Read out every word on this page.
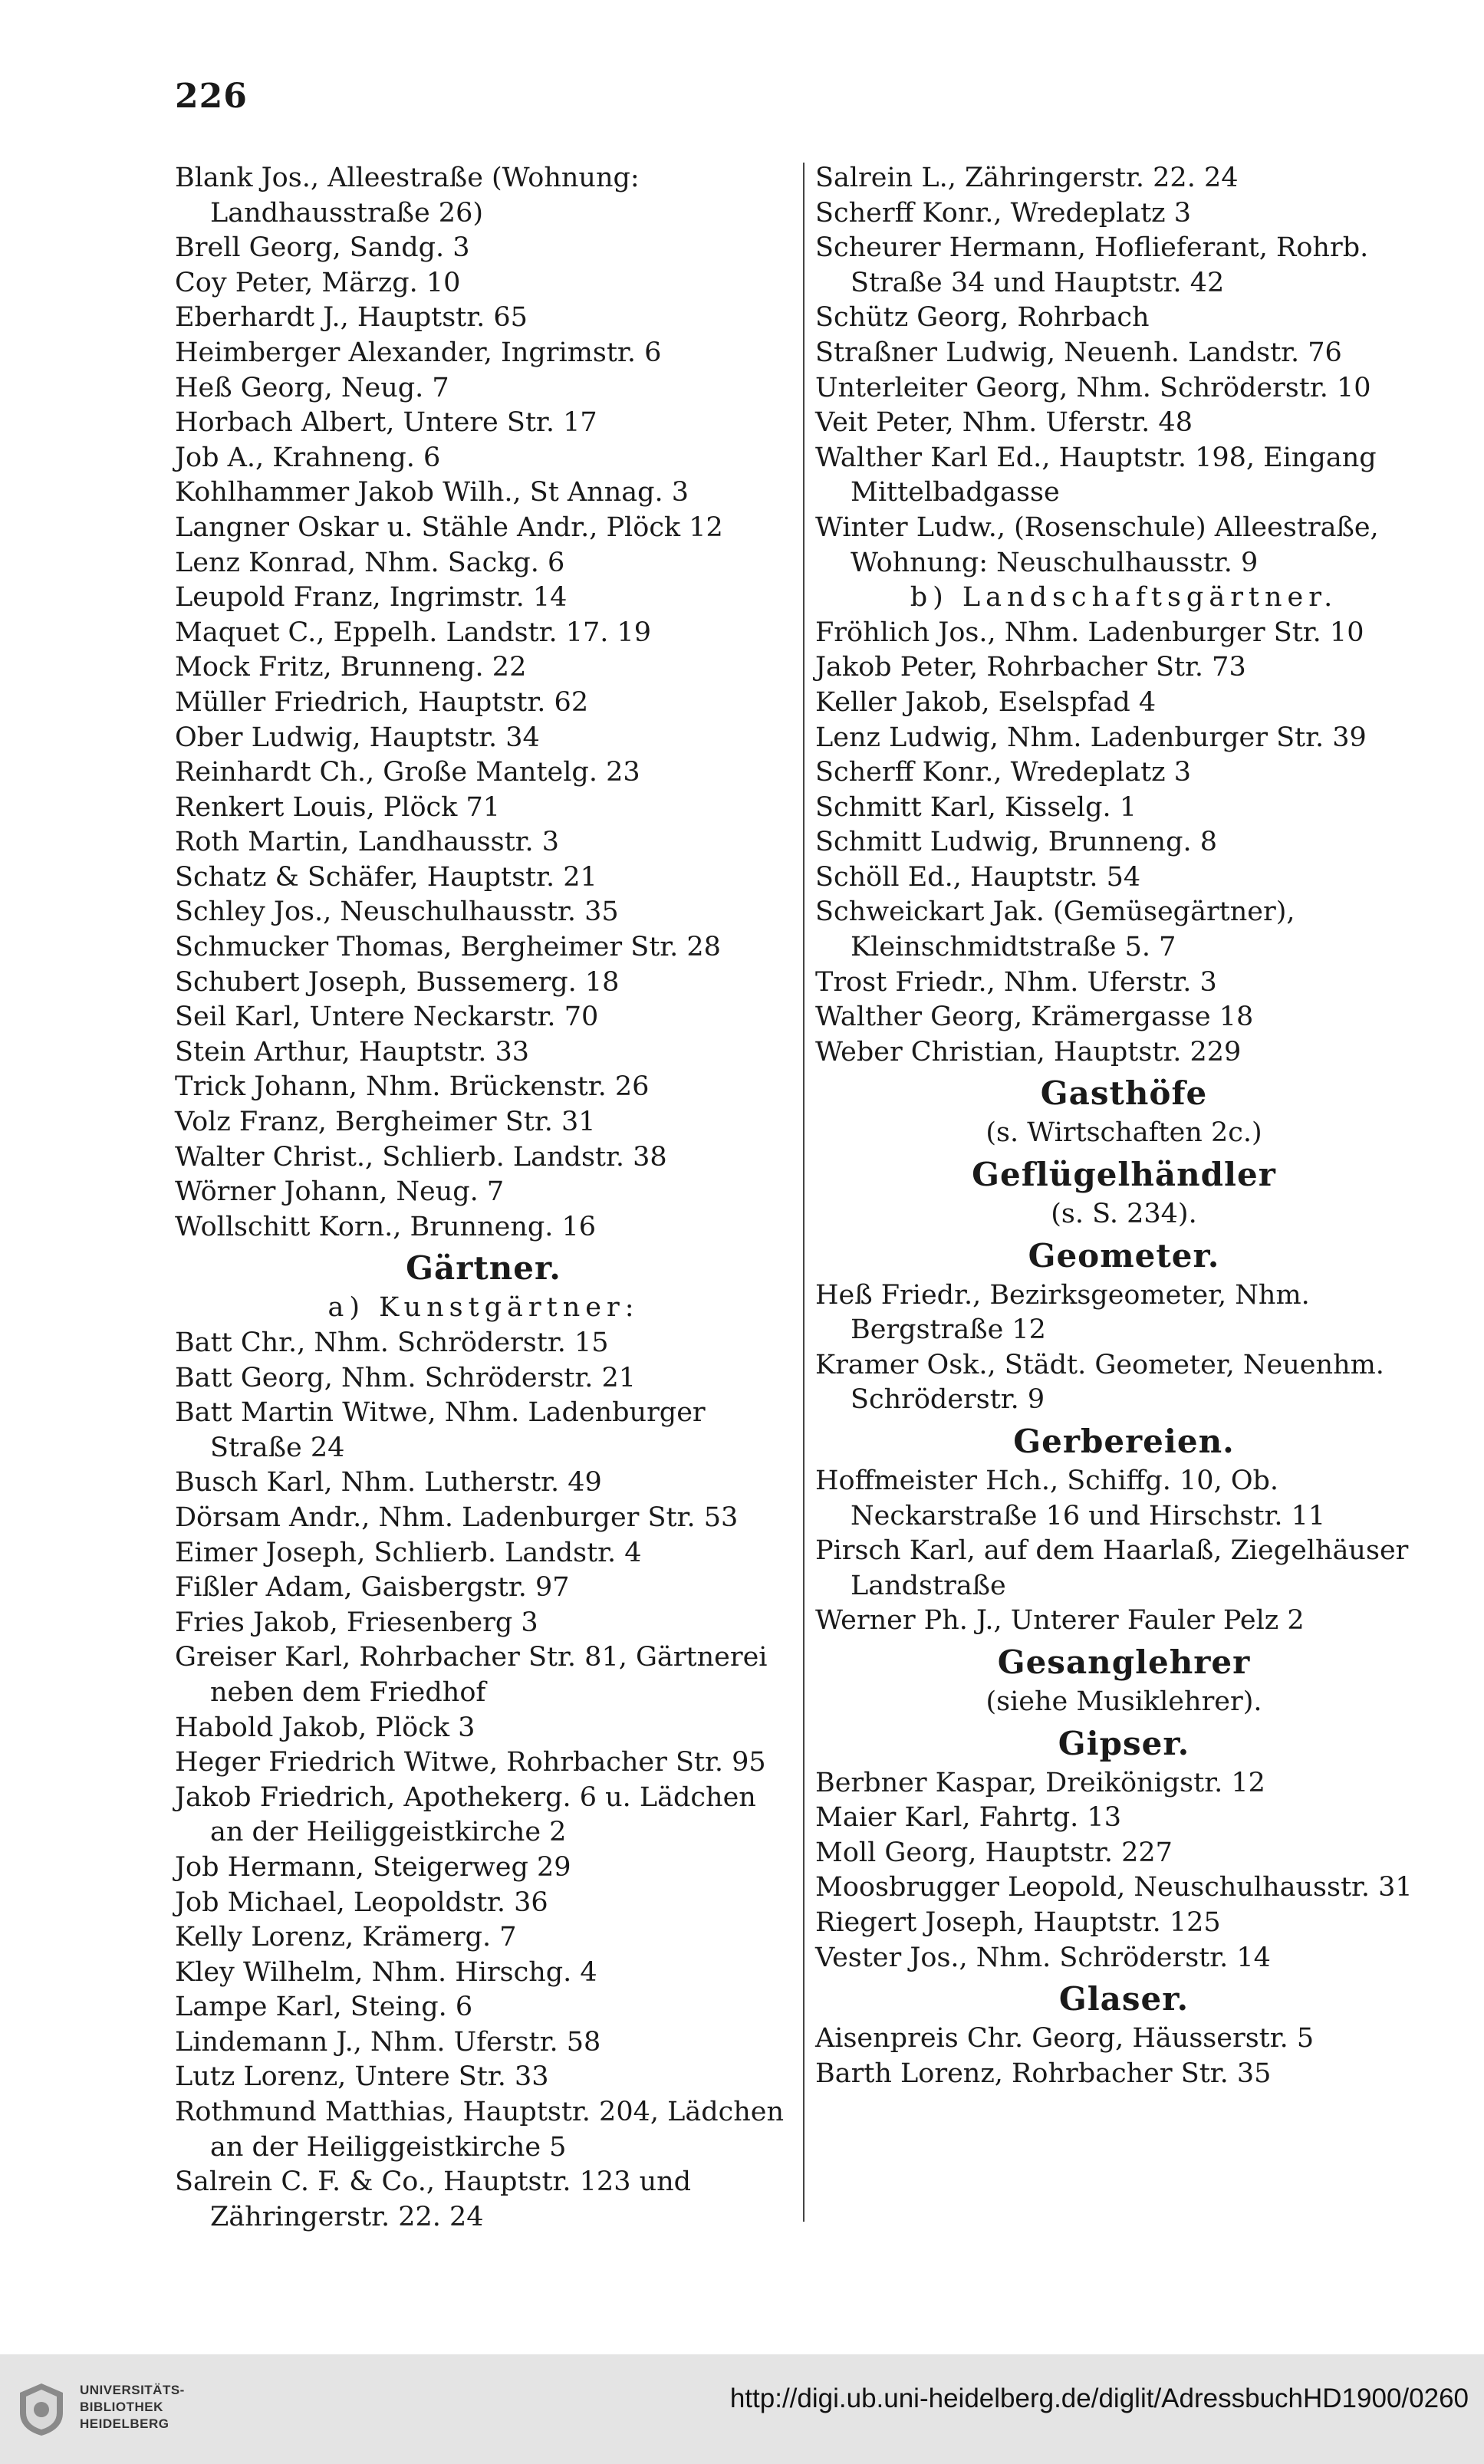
226
Blank Jos., Alleestraße (Wohnung: Landhausstraße 26)
Brell Georg, Sandg. 3
Coy Peter, Märzg. 10
Eberhardt J., Hauptstr. 65
Heimberger Alexander, Ingrimstr. 6
Heß Georg, Neug. 7
Horbach Albert, Untere Str. 17
Job A., Krahneng. 6
Kohlhammer Jakob Wilh., St Annag. 3
Langner Oskar u. Stähle Andr., Plöck 12
Lenz Konrad, Nhm. Sackg. 6
Leupold Franz, Ingrimstr. 14
Maquet C., Eppelh. Landstr. 17. 19
Mock Fritz, Brunneng. 22
Müller Friedrich, Hauptstr. 62
Ober Ludwig, Hauptstr. 34
Reinhardt Ch., Große Mantelg. 23
Renkert Louis, Plöck 71
Roth Martin, Landhausstr. 3
Schatz & Schäfer, Hauptstr. 21
Schley Jos., Neuschulhausstr. 35
Schmucker Thomas, Bergheimer Str. 28
Schubert Joseph, Bussemerg. 18
Seil Karl, Untere Neckarstr. 70
Stein Arthur, Hauptstr. 33
Trick Johann, Nhm. Brückenstr. 26
Volz Franz, Bergheimer Str. 31
Walter Christ., Schlierb. Landstr. 38
Wörner Johann, Neug. 7
Wollschitt Korn., Brunneng. 16
Gärtner.
a) Kunstgärtner:
Batt Chr., Nhm. Schröderstr. 15
Batt Georg, Nhm. Schröderstr. 21
Batt Martin Witwe, Nhm. Ladenburger Straße 24
Busch Karl, Nhm. Lutherstr. 49
Dörsam Andr., Nhm. Ladenburger Str. 53
Eimer Joseph, Schlierb. Landstr. 4
Fißler Adam, Gaisbergstr. 97
Fries Jakob, Friesenberg 3
Greiser Karl, Rohrbacher Str. 81, Gärtnerei neben dem Friedhof
Habold Jakob, Plöck 3
Heger Friedrich Witwe, Rohrbacher Str. 95
Jakob Friedrich, Apothekerg. 6 u. Lädchen an der Heiliggeistkirche 2
Job Hermann, Steigerweg 29
Job Michael, Leopoldstr. 36
Kelly Lorenz, Krämerg. 7
Kley Wilhelm, Nhm. Hirschg. 4
Lampe Karl, Steing. 6
Lindemann J., Nhm. Uferstr. 58
Lutz Lorenz, Untere Str. 33
Rothmund Matthias, Hauptstr. 204, Lädchen an der Heiliggeistkirche 5
Salrein C. F. & Co., Hauptstr. 123 und Zähringerstr. 22. 24
Salrein L., Zähringerstr. 22. 24
Scherff Konr., Wredeplatz 3
Scheurer Hermann, Hoflieferant, Rohrb. Straße 34 und Hauptstr. 42
Schütz Georg, Rohrbach
Straßner Ludwig, Neuenh. Landstr. 76
Unterleiter Georg, Nhm. Schröderstr. 10
Veit Peter, Nhm. Uferstr. 48
Walther Karl Ed., Hauptstr. 198, Eingang Mittelbadgasse
Winter Ludw., (Rosenschule) Alleestraße, Wohnung: Neuschulhausstr. 9
b) Landschaftsgärtner.
Fröhlich Jos., Nhm. Ladenburger Str. 10
Jakob Peter, Rohrbacher Str. 73
Keller Jakob, Eselspfad 4
Lenz Ludwig, Nhm. Ladenburger Str. 39
Scherff Konr., Wredeplatz 3
Schmitt Karl, Kisselg. 1
Schmitt Ludwig, Brunneng. 8
Schöll Ed., Hauptstr. 54
Schweickart Jak. (Gemüsegärtner), Kleinschmidtstraße 5. 7
Trost Friedr., Nhm. Uferstr. 3
Walther Georg, Krämergasse 18
Weber Christian, Hauptstr. 229
Gasthöfe
(s. Wirtschaften 2c.)
Geflügelhändler
(s. S. 234).
Geometer.
Heß Friedr., Bezirksgeometer, Nhm. Bergstraße 12
Kramer Osk., Städt. Geometer, Neuenhm. Schröderstr. 9
Gerbereien.
Hoffmeister Hch., Schiffg. 10, Ob. Neckarstraße 16 und Hirschstr. 11
Pirsch Karl, auf dem Haarlaß, Ziegelhäuser Landstraße
Werner Ph. J., Unterer Fauler Pelz 2
Gesanglehrer
(siehe Musiklehrer).
Gipser.
Berbner Kaspar, Dreikönigstr. 12
Maier Karl, Fahrtg. 13
Moll Georg, Hauptstr. 227
Moosbrugger Leopold, Neuschulhausstr. 31
Riegert Joseph, Hauptstr. 125
Vester Jos., Nhm. Schröderstr. 14
Glaser.
Aisenpreis Chr. Georg, Häusserstr. 5
Barth Lorenz, Rohrbacher Str. 35
UNIVERSITÄTS-
BIBLIOTHEK
HEIDELBERG
http://digi.ub.uni-heidelberg.de/diglit/AdressbuchHD1900/0260
